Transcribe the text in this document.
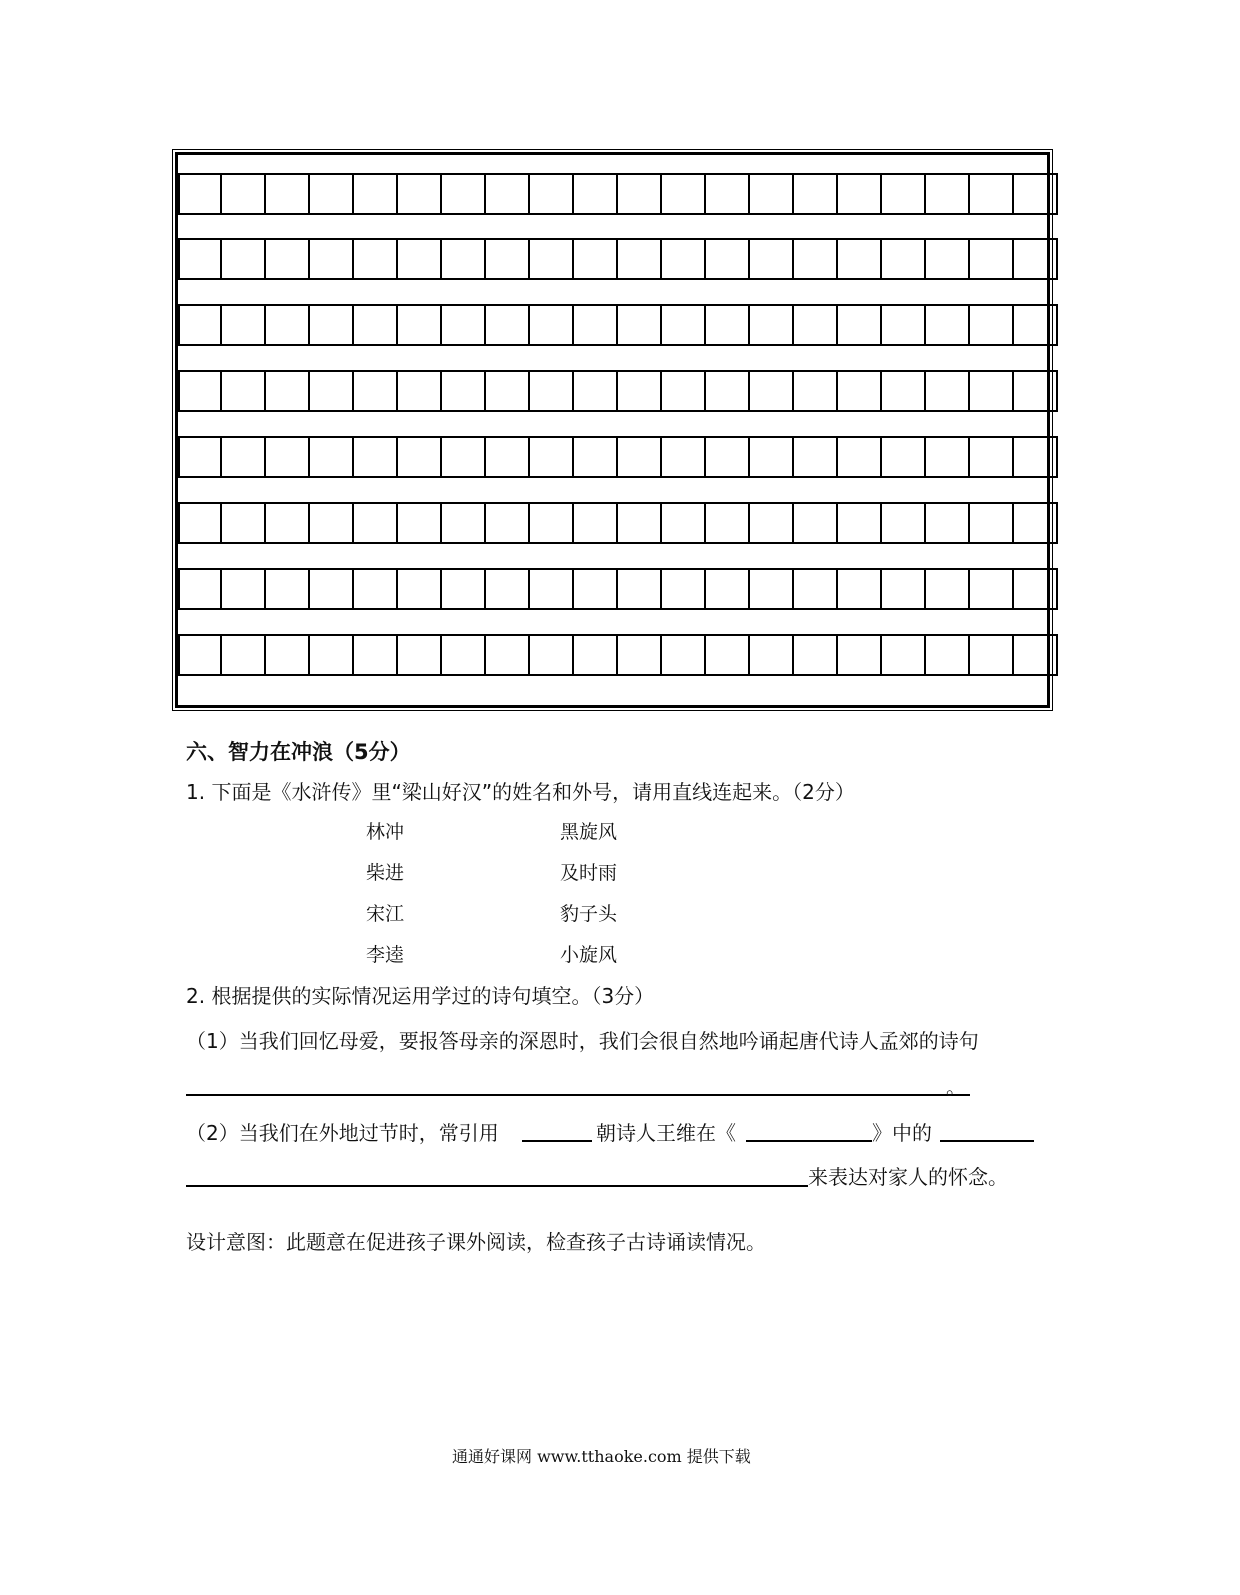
六、智力在冲浪（5分）
1. 下面是《水浒传》里“梁山好汉”的姓名和外号，请用直线连起来。（2分）
林冲	黑旋风
柴进	及时雨
宋江	豹子头
李逵	小旋风
2. 根据提供的实际情况运用学过的诗句填空。（3分）
（1）当我们回忆母爱，要报答母亲的深恩时，我们会很自然地吟诵起唐代诗人孟郊的诗句
。
（2）当我们在外地过节时，常引用	朝诗人王维在《	》中的
来表达对家人的怀念。
设计意图：此题意在促进孩子课外阅读，检查孩子古诗诵读情况。
通通好课网 www.tthaoke.com 提供下载
